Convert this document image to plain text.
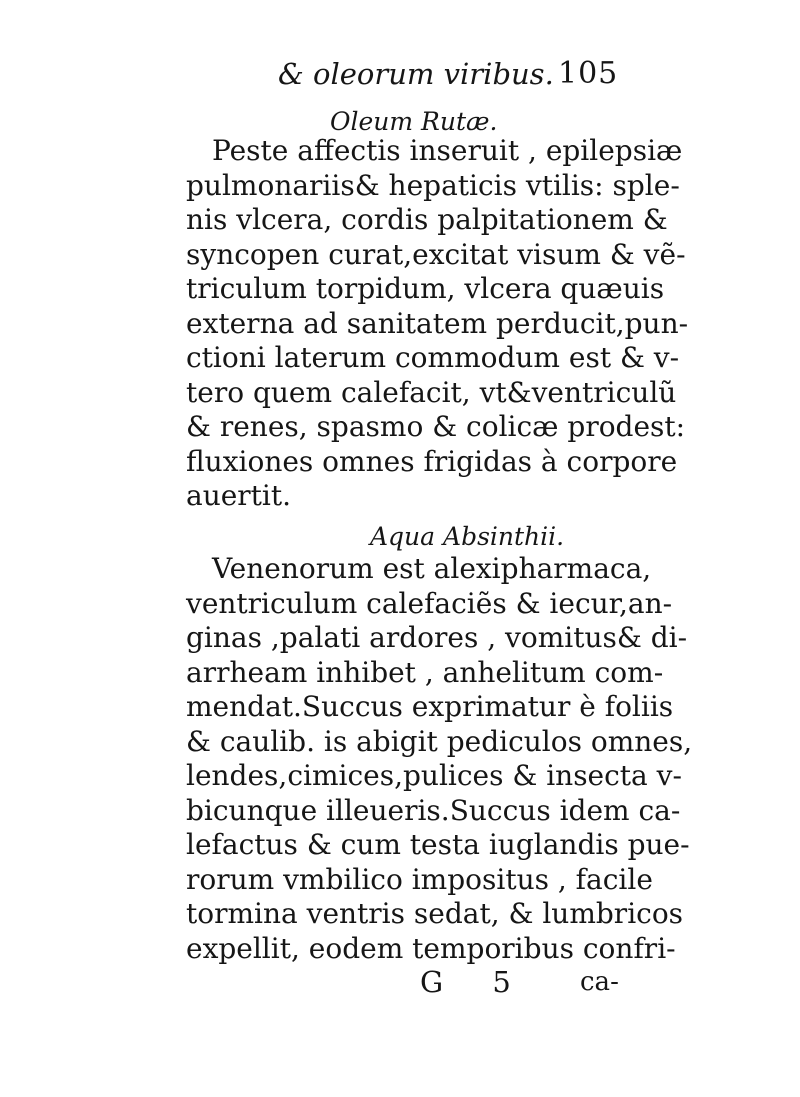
& oleorum viribus. 105
Oleum Rutæ.
Peste affectis inseruit , epilepsiæ
pulmonariis& hepaticis vtilis: sple-
nis vlcera, cordis palpitationem &
syncopen curat,excitat visum & vẽ-
triculum torpidum, vlcera quæuis
externa ad sanitatem perducit,pun-
ctioni laterum commodum est & v-
tero quem calefacit, vt&ventriculũ
& renes, spasmo & colicæ prodest:
fluxiones omnes frigidas à corpore
auertit.
Aqua Absinthii.
Venenorum est alexipharmaca,
ventriculum calefaciẽs & iecur,an-
ginas ,palati ardores , vomitus& di-
arrheam inhibet , anhelitum com-
mendat.Succus exprimatur è foliis
& caulib. is abigit pediculos omnes,
lendes,cimices,pulices & insecta v-
bicunque illeueris.Succus idem ca-
lefactus & cum testa iuglandis pue-
rorum vmbilico impositus , facile
tormina ventris sedat, & lumbricos
expellit, eodem temporibus confri-
G 5 ca-
